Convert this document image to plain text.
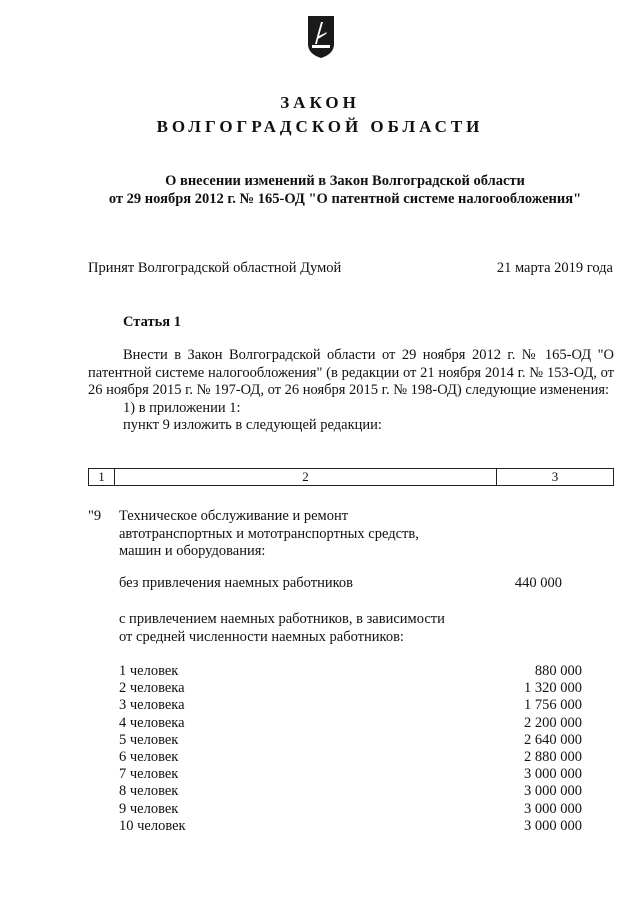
ЗАКОН
ВОЛГОГРАДСКОЙ ОБЛАСТИ
О внесении изменений в Закон Волгоградской области
от 29 ноября 2012 г. № 165-ОД "О патентной системе налогообложения"
Принят Волгоградской областной Думой	21 марта 2019 года
Статья 1

Внести в Закон Волгоградской области от 29 ноября 2012 г. № 165-ОД "О патентной системе налогообложения" (в редакции от 21 ноября 2014 г. № 153-ОД, от 26 ноября 2015 г. № 197-ОД, от 26 ноября 2015 г. № 198-ОД) следующие изменения:

1) в приложении 1:

пункт 9 изложить в следующей редакции:

1	2	3
"9 Техническое обслуживание и ремонт

автотранспортных и мототранспортных средств,

машин и оборудования:

без привлечения наемных работников	440 000

с привлечением наемных работников, в зависимости

от средней численности наемных работников:

1 человек	880 000
2 человека	1 320 000
3 человека	1 756 000
4 человека	2 200 000
5 человек	2 640 000
6 человек	2 880 000
7 человек	3 000 000
8 человек	3 000 000
9 человек	3 000 000
10 человек	3 000 000
